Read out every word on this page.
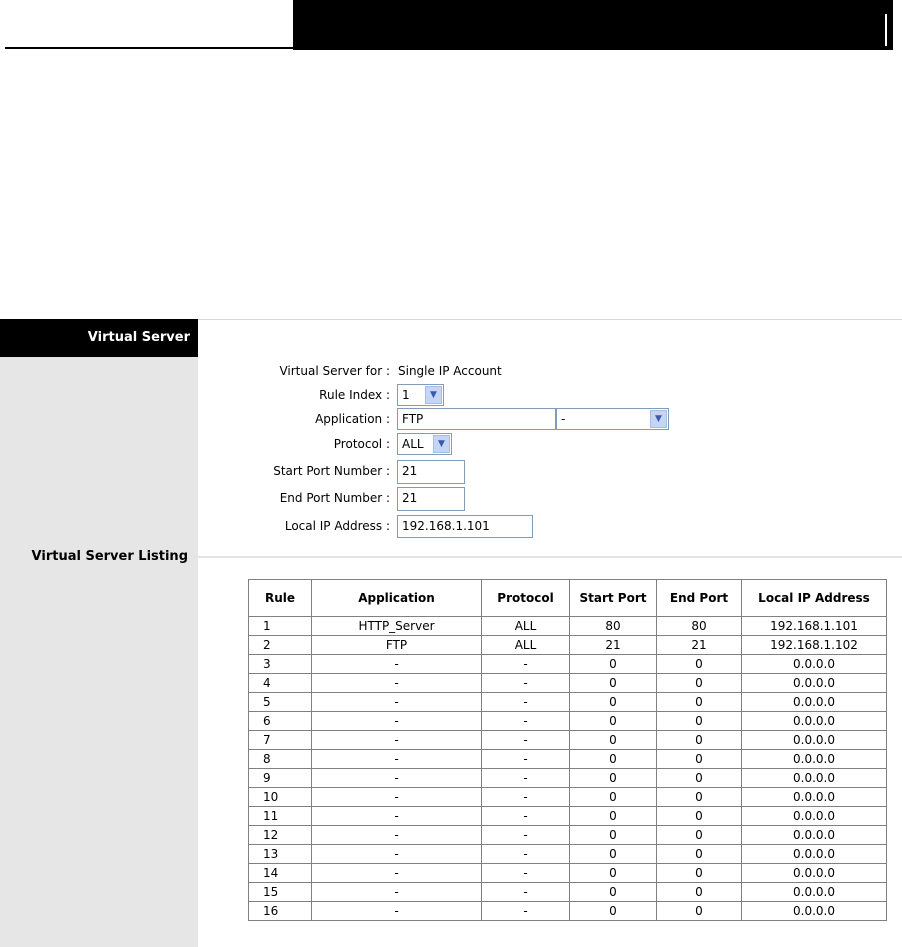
Virtual Server
Virtual Server Listing
Virtual Server for : Single IP Account
Rule Index : 1	▼
Application :	FTP	-	▼
Protocol : ALL	▼
Start Port Number :	21
End Port Number :	21
Local IP Address :	192.168.1.101
Rule	Application	Protocol	Start Port	End Port	Local IP Address
1	HTTP_Server	ALL	80	80	192.168.1.101
2	FTP	ALL	21	21	192.168.1.102
3	-	-	0	0	0.0.0.0
4	-	-	0	0	0.0.0.0
5	-	-	0	0	0.0.0.0
6	-	-	0	0	0.0.0.0
7	-	-	0	0	0.0.0.0
8	-	-	0	0	0.0.0.0
9	-	-	0	0	0.0.0.0
10	-	-	0	0	0.0.0.0
11	-	-	0	0	0.0.0.0
12	-	-	0	0	0.0.0.0
13	-	-	0	0	0.0.0.0
14	-	-	0	0	0.0.0.0
15	-	-	0	0	0.0.0.0
16	-	-	0	0	0.0.0.0
